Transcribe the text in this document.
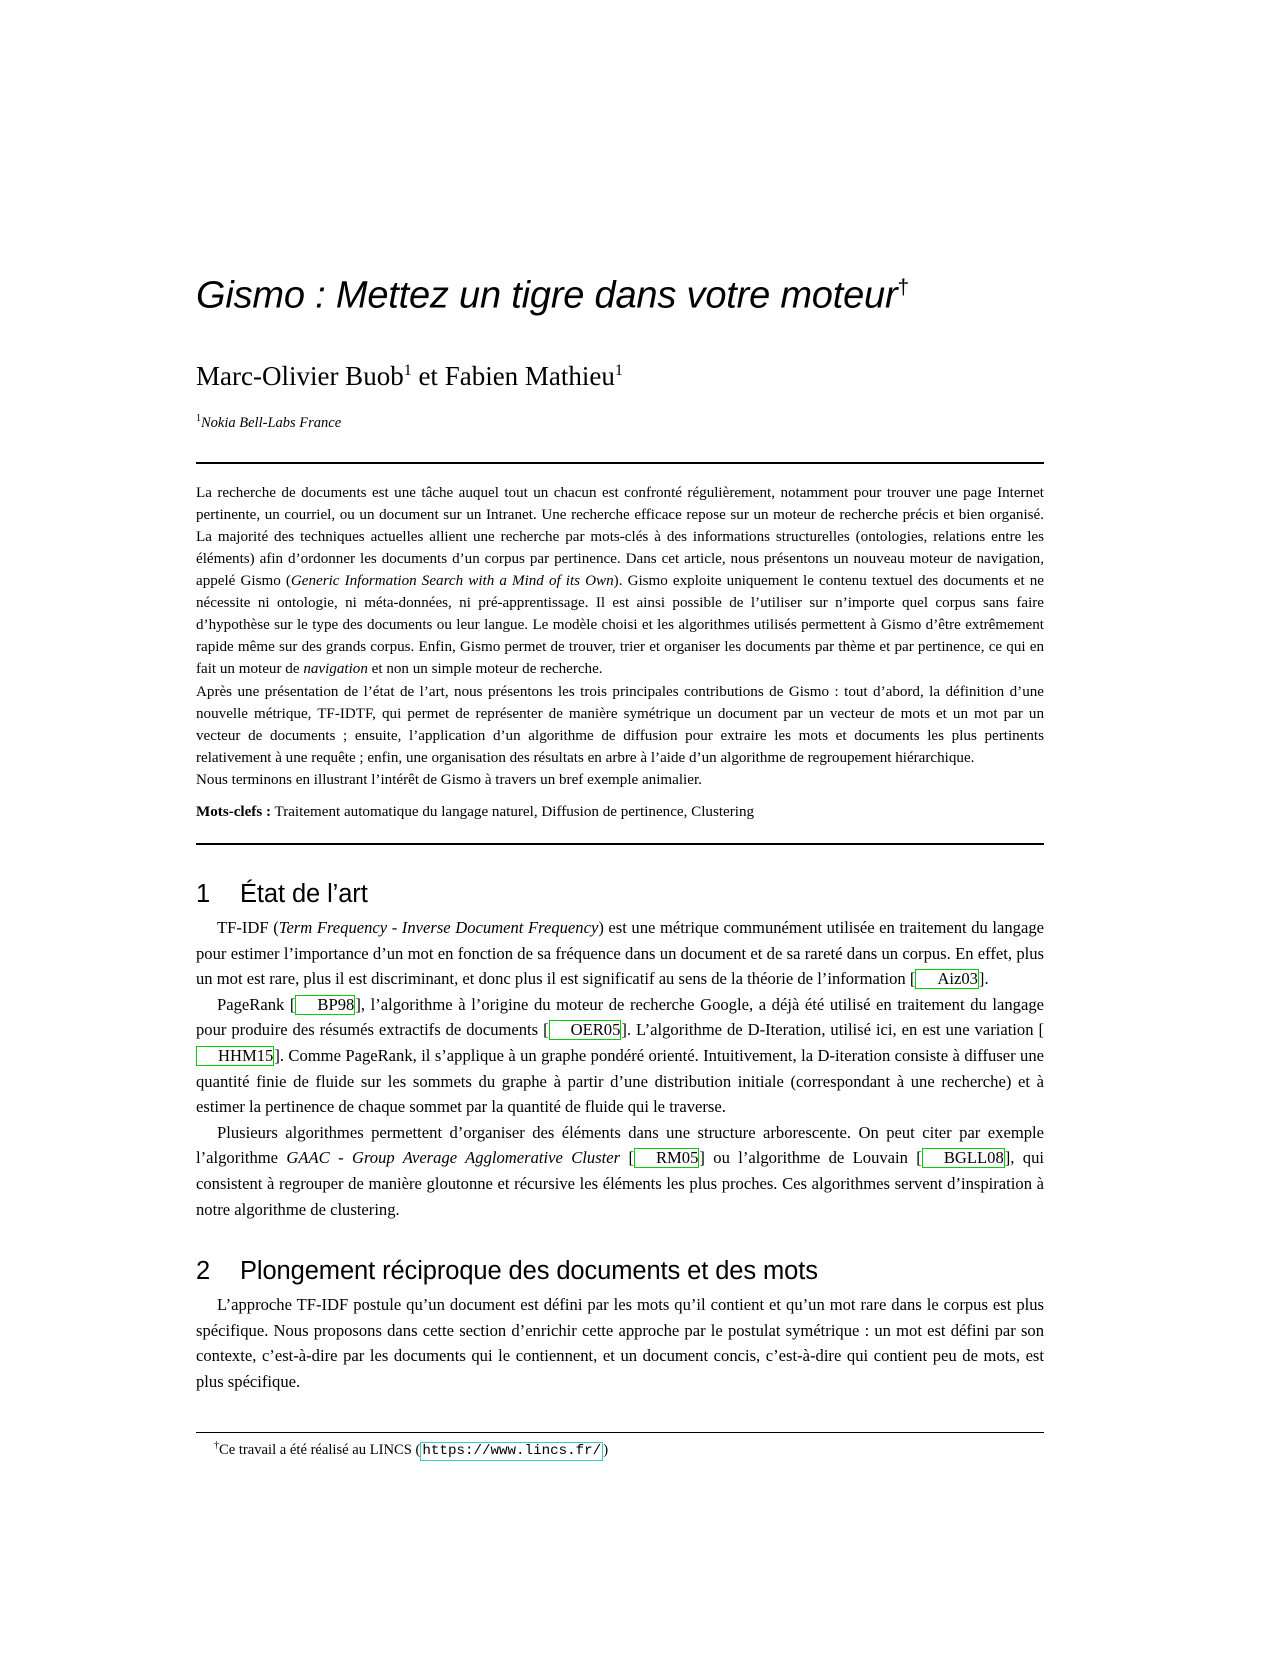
Gismo : Mettez un tigre dans votre moteur†
Marc-Olivier Buob$^1$ et Fabien Mathieu$^1$
$^1$Nokia Bell-Labs France

La recherche de documents est une tâche auquel tout un chacun est confronté régulièrement, notamment pour trouver une page Internet pertinente, un courriel, ou un document sur un Intranet. Une recherche efficace repose sur un moteur de recherche précis et bien organisé. La majorité des techniques actuelles allient une recherche par mots-clés à des informations structurelles (ontologies, relations entre les éléments) afin d’ordonner les documents d’un corpus par pertinence. Dans cet article, nous présentons un nouveau moteur de navigation, appelé Gismo (Generic Information Search with a Mind of its Own). Gismo exploite uniquement le contenu textuel des documents et ne nécessite ni ontologie, ni méta-données, ni pré-apprentissage. Il est ainsi possible de l’utiliser sur n’importe quel corpus sans faire d’hypothèse sur le type des documents ou leur langue. Le modèle choisi et les algorithmes utilisés permettent à Gismo d’être extrêmement rapide même sur des grands corpus. Enfin, Gismo permet de trouver, trier et organiser les documents par thème et par pertinence, ce qui en fait un moteur de navigation et non un simple moteur de recherche.

Après une présentation de l’état de l’art, nous présentons les trois principales contributions de Gismo : tout d’abord, la définition d’une nouvelle métrique, TF-IDTF, qui permet de représenter de manière symétrique un document par un vecteur de mots et un mot par un vecteur de documents ; ensuite, l’application d’un algorithme de diffusion pour extraire les mots et documents les plus pertinents relativement à une requête ; enfin, une organisation des résultats en arbre à l’aide d’un algorithme de regroupement hiérarchique.

Nous terminons en illustrant l’intérêt de Gismo à travers un bref exemple animalier.

Mots-clefs : Traitement automatique du langage naturel, Diffusion de pertinence, Clustering

1 État de l’art

TF-IDF (Term Frequency - Inverse Document Frequency) est une métrique communément utilisée en traitement du langage pour estimer l’importance d’un mot en fonction de sa fréquence dans un document et de sa rareté dans un corpus. En effet, plus un mot est rare, plus il est discriminant, et donc plus il est significatif au sens de la théorie de l’information [ Aiz03].

PageRank [ BP98], l’algorithme à l’origine du moteur de recherche Google, a déjà été utilisé en traitement du langage pour produire des résumés extractifs de documents [ OER05]. L’algorithme de D-Iteration, utilisé ici, en est une variation [HHM15]. Comme PageRank, il s’applique à un graphe pondéré orienté. Intuitivement, la D-iteration consiste à diffuser une quantité finie de fluide sur les sommets du graphe à partir d’une distribution initiale (correspondant à une recherche) et à estimer la pertinence de chaque sommet par la quantité de fluide qui le traverse.

Plusieurs algorithmes permettent d’organiser des éléments dans une structure arborescente. On peut citer par exemple l’algorithme GAAC - Group Average Agglomerative Cluster [ RM05] ou l’algorithme de Louvain [ BGLL08], qui consistent à regrouper de manière gloutonne et récursive les éléments les plus proches. Ces algorithmes servent d’inspiration à notre algorithme de clustering.

2 Plongement réciproque des documents et des mots

L’approche TF-IDF postule qu’un document est défini par les mots qu’il contient et qu’un mot rare dans le corpus est plus spécifique. Nous proposons dans cette section d’enrichir cette approche par le postulat symétrique : un mot est défini par son contexte, c’est-à-dire par les documents qui le contiennent, et un document concis, c’est-à-dire qui contient peu de mots, est plus spécifique.

†Ce travail a été réalisé au LINCS ( https://www.lincs.fr/ )
